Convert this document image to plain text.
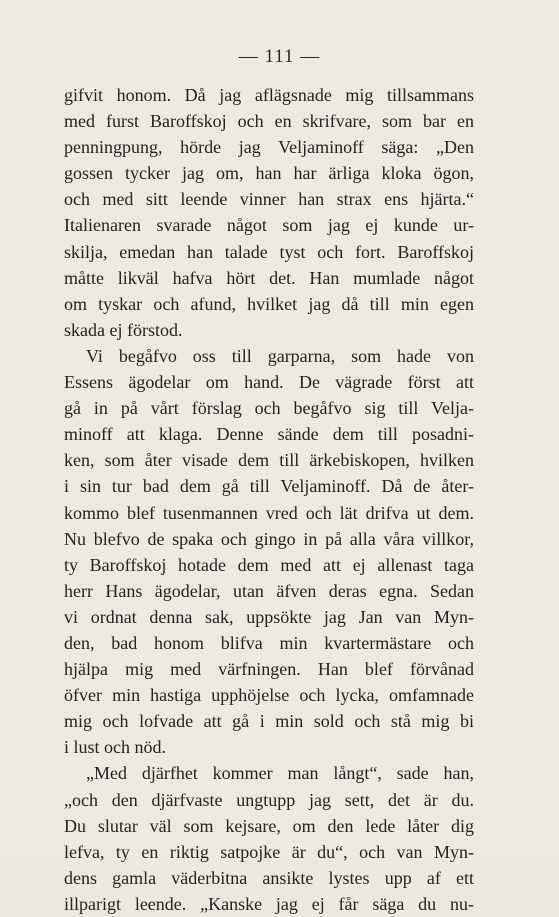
— 111 —
gifvit honom. Då jag aflägsnade mig tillsammans
med furst Baroffskoj och en skrifvare, som bar en
penningpung, hörde jag Veljaminoff säga: „Den
gossen tycker jag om, han har ärliga kloka ögon,
och med sitt leende vinner han strax ens hjärta.“
Italienaren svarade något som jag ej kunde ur-
skilja, emedan han talade tyst och fort. Baroffskoj
måtte likväl hafva hört det. Han mumlade något
om tyskar och afund, hvilket jag då till min egen
skada ej förstod.
Vi begåfvo oss till garparna, som hade von
Essens ägodelar om hand. De vägrade först att
gå in på vårt förslag och begåfvo sig till Velja-
minoff att klaga. Denne sände dem till posadni-
ken, som åter visade dem till ärkebiskopen, hvilken
i sin tur bad dem gå till Veljaminoff. Då de åter-
kommo blef tusenmannen vred och lät drifva ut dem.
Nu blefvo de spaka och gingo in på alla våra villkor,
ty Baroffskoj hotade dem med att ej allenast taga
herr Hans ägodelar, utan äfven deras egna. Sedan
vi ordnat denna sak, uppsökte jag Jan van Myn-
den, bad honom blifva min kvartermästare och
hjälpa mig med värfningen. Han blef förvånad
öfver min hastiga upphöjelse och lycka, omfamnade
mig och lofvade att gå i min sold och stå mig bi
i lust och nöd.
„Med djärfhet kommer man långt“, sade han,
„och den djärfvaste ungtupp jag sett, det är du.
Du slutar väl som kejsare, om den lede låter dig
lefva, ty en riktig satpojke är du“, och van Myn-
dens gamla väderbitna ansikte lystes upp af ett
illparigt leende. „Kanske jag ej får säga du nu-
